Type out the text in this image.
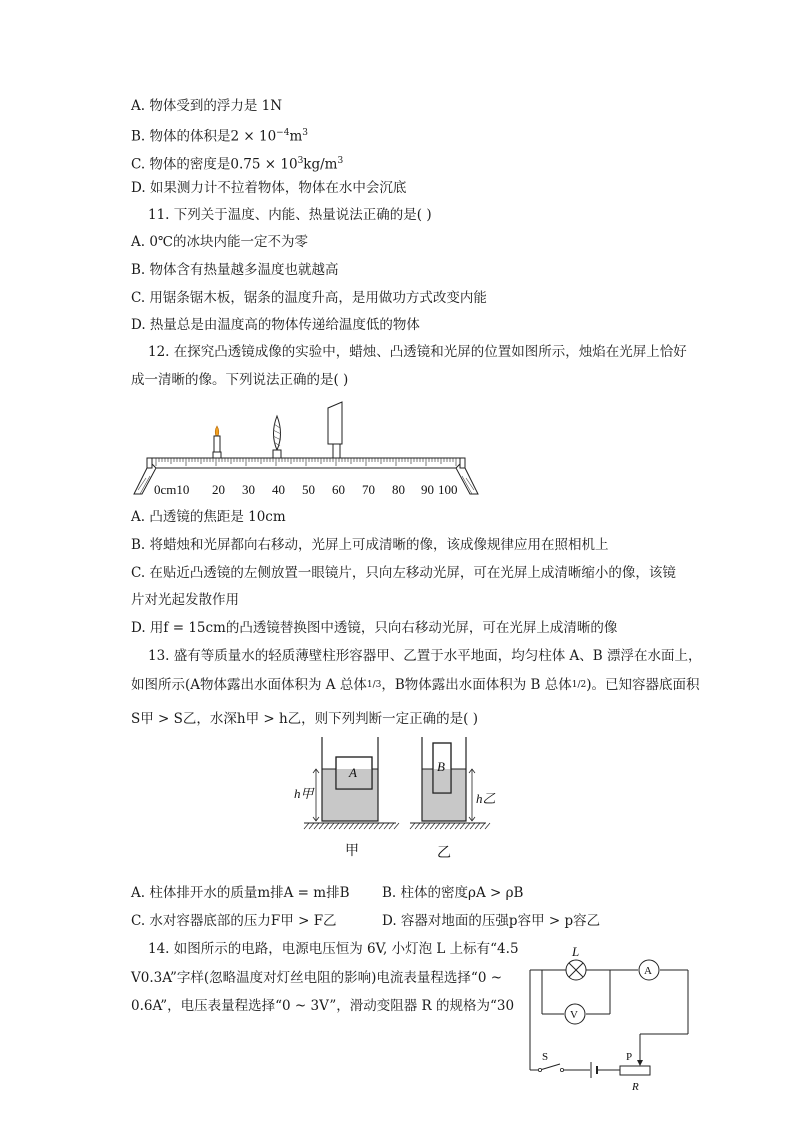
A. 物体受到的浮力是 1N
B. 物体的体积是$2 \times 10^{-4}m^3$
C. 物体的密度是$0.75 \times 10^3kg/m^3$
D. 如果测力计不拉着物体，物体在水中会沉底
11. 下列关于温度、内能、热量说法正确的是( )
A. 0℃的冰块内能一定不为零
B. 物体含有热量越多温度也就越高
C. 用锯条锯木板，锯条的温度升高，是用做功方式改变内能
D. 热量总是由温度高的物体传递给温度低的物体
12. 在探究凸透镜成像的实验中，蜡烛、凸透镜和光屏的位置如图所示，烛焰在光屏上恰好
成一清晰的像。下列说法正确的是( )
0cm10 20 30 40 50 60 70 80 90 100
A. 凸透镜的焦距是 10cm
B. 将蜡烛和光屏都向右移动，光屏上可成清晰的像，该成像规律应用在照相机上
C. 在贴近凸透镜的左侧放置一眼镜片，只向左移动光屏，可在光屏上成清晰缩小的像，该镜
片对光起发散作用
D. 用f = 15cm的凸透镜替换图中透镜，只向右移动光屏，可在光屏上成清晰的像
13. 盛有等质量水的轻质薄壁柱形容器甲、乙置于水平地面，均匀柱体 A、B 漂浮在水面上，
如图所示(A物体露出水面体积为 A 总体1/3，B物体露出水面体积为 B 总体1/2)。已知容器底面积
S甲 > S乙，水深h甲 > h乙，则下列判断一定正确的是( )
A
h甲
B
h乙
甲	乙
A. 柱体排开水的质量m排A = m排B B. 柱体的密度ρA > ρB
C. 水对容器底部的压力F甲 > F乙	D. 容器对地面的压强p容甲 > p容乙
14. 如图所示的电路，电源电压恒为 6V, 小灯泡 L 上标有“4.5
V0.3A”字样(忽略温度对灯丝电阻的影响)电流表量程选择“0 ~
0.6A”，电压表量程选择“0 ~ 3V”，滑动变阻器 R 的规格为“30
L
A
V
S	P
R
